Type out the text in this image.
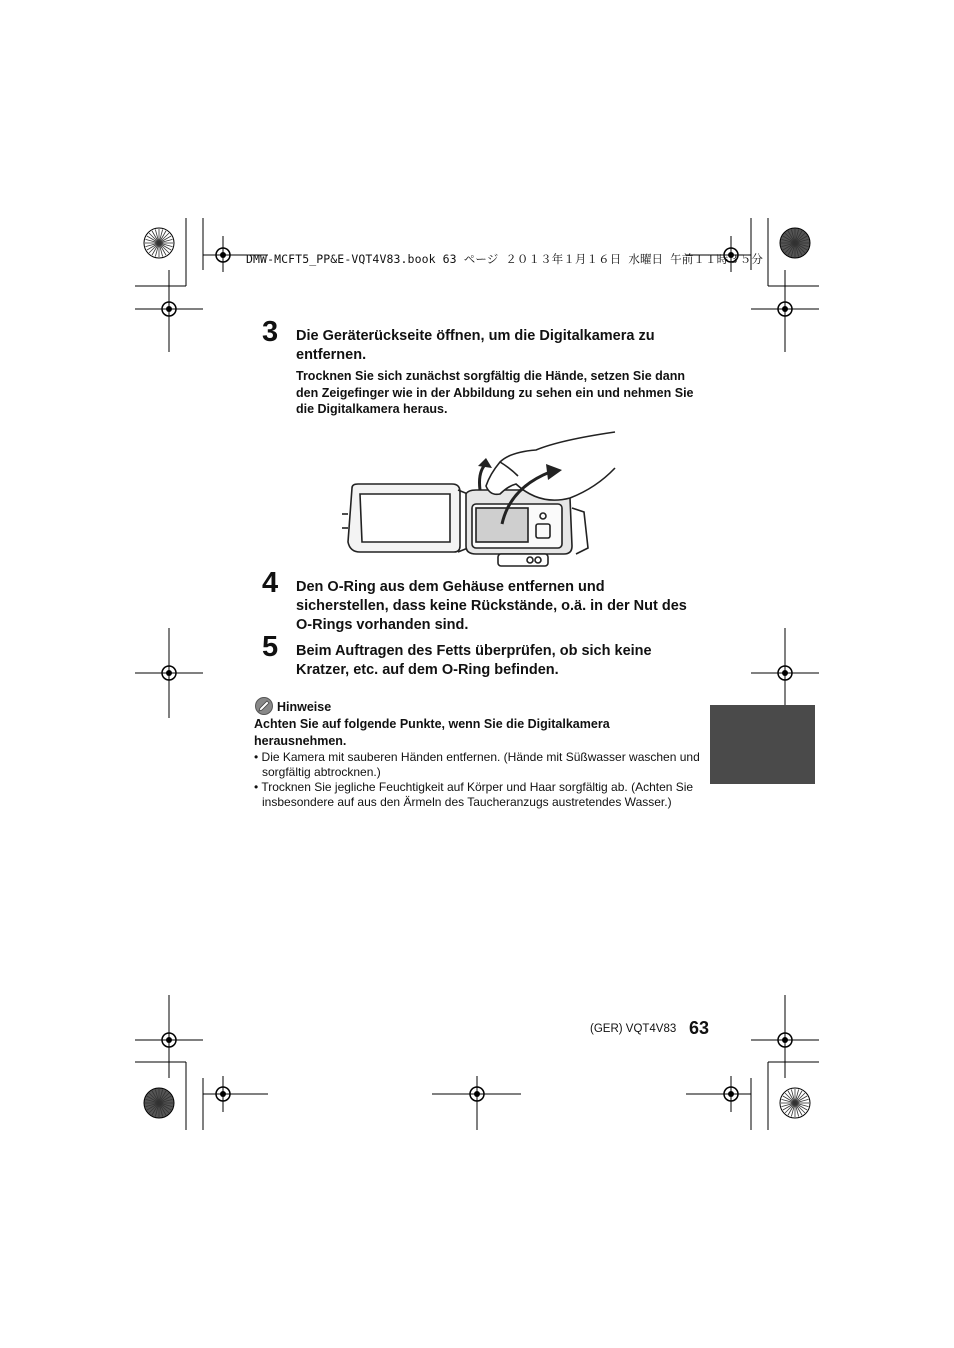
DMW-MCFT5_PP&E-VQT4V83.book 63 ページ ２０１３年１月１６日 水曜日 午前１１時３５分
3 Die Geräterückseite öffnen, um die Digitalkamera zu entfernen.
Trocknen Sie sich zunächst sorgfältig die Hände, setzen Sie dann den Zeigefinger wie in der Abbildung zu sehen ein und nehmen Sie die Digitalkamera heraus.
4 Den O-Ring aus dem Gehäuse entfernen und sicherstellen, dass keine Rückstände, o.ä. in der Nut des O-Rings vorhanden sind.
5 Beim Auftragen des Fetts überprüfen, ob sich keine Kratzer, etc. auf dem O-Ring befinden.
Hinweise
Achten Sie auf folgende Punkte, wenn Sie die Digitalkamera herausnehmen.
• Die Kamera mit sauberen Händen entfernen. (Hände mit Süßwasser waschen und sorgfältig abtrocknen.)
• Trocknen Sie jegliche Feuchtigkeit auf Körper und Haar sorgfältig ab. (Achten Sie insbesondere auf aus den Ärmeln des Taucheranzugs austretendes Wasser.)
(GER) VQT4V83 63
